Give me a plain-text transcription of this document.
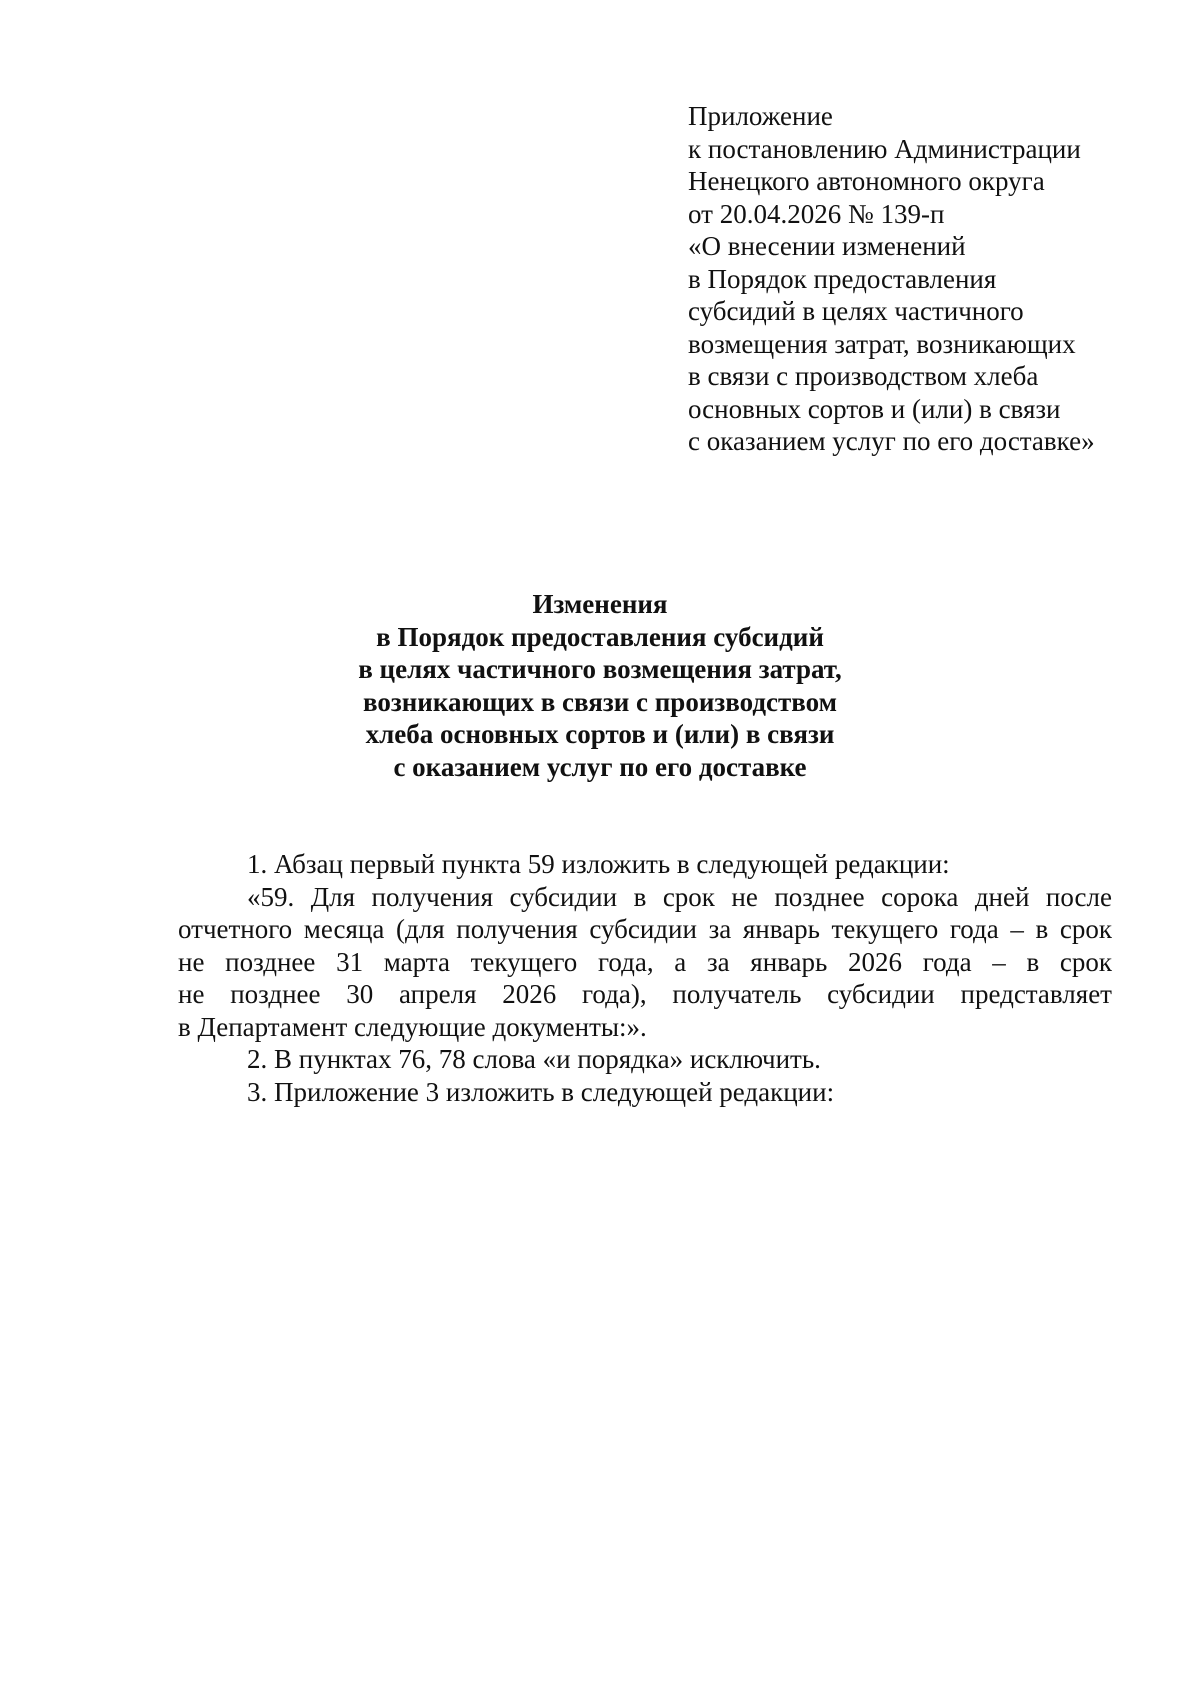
Приложение
к постановлению Администрации
Ненецкого автономного округа
от 20.04.2026 № 139-п
«О внесении изменений
в Порядок предоставления
субсидий в целях частичного
возмещения затрат, возникающих
в связи с производством хлеба
основных сортов и (или) в связи
с оказанием услуг по его доставке»
Изменения
в Порядок предоставления субсидий
в целях частичного возмещения затрат,
возникающих в связи с производством
хлеба основных сортов и (или) в связи
с оказанием услуг по его доставке

1. Абзац первый пункта 59 изложить в следующей редакции:

«59. Для получения субсидии в срок не позднее сорока дней после
отчетного месяца (для получения субсидии за январь текущего года – в срок
не позднее 31 марта текущего года, а за январь 2026 года – в срок
не позднее 30 апреля 2026 года), получатель субсидии представляет
в Департамент следующие документы:».

2. В пунктах 76, 78 слова «и порядка» исключить.

3. Приложение 3 изложить в следующей редакции:
